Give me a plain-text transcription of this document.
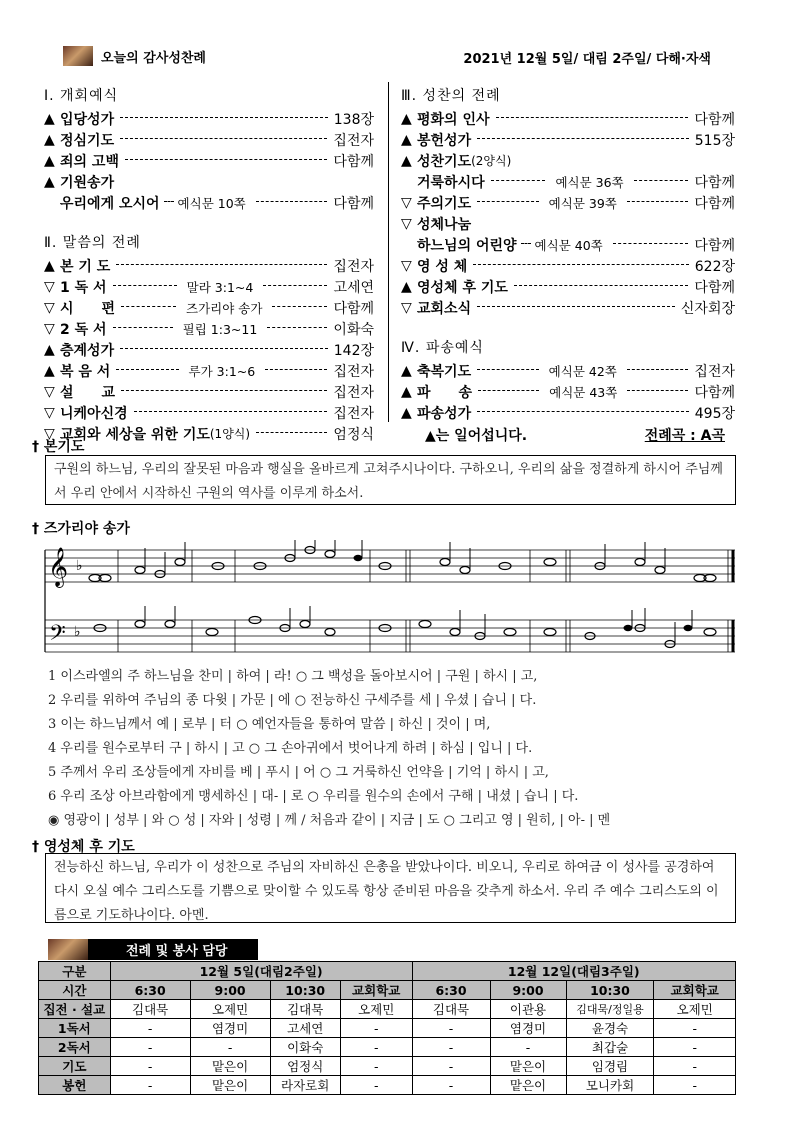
오늘의 감사성찬례	2021년 12월 5일/ 대림 2주일/ 다해·자색
Ⅰ. 개회예식
▲ 입당성가	138장
▲ 정심기도	집전자
▲ 죄의 고백	다함께
▲ 기원송가
우리에게 오시어	예식문 10쪽	다함께
Ⅱ. 말씀의 전례
▲ 본 기 도	집전자
▽ 1 독 서	말라 3:1~4	고세연
▽ 시　　편	즈가리야 송가	다함께
▽ 2 독 서	필립 1:3~11	이화숙
▲ 층계성가	142장
▲ 복 음 서	루가 3:1~6	집전자
▽ 설　　교	집전자
▽ 니케아신경	집전자
▽ 교회와 세상을 위한 기도 (1양식)	엄정식
Ⅲ. 성찬의 전례
▲ 평화의 인사	다함께
▲ 봉헌성가	515장
▲ 성찬기도 (2양식)
거룩하시다	예식문 36쪽	다함께
▽ 주의기도	예식문 39쪽	다함께
▽ 성체나눔
하느님의 어린양	예식문 40쪽	다함께
▽ 영 성 체	622장
▲ 영성체 후 기도	다함께
▽ 교회소식	신자회장
Ⅳ. 파송예식
▲ 축복기도	예식문 42쪽	집전자
▲ 파　　송	예식문 43쪽	다함께
▲ 파송성가	495장
▲는 일어섭니다.	전례곡 : A곡
† 본기도
구원의 하느님, 우리의 잘못된 마음과 행실을 올바르게 고쳐주시나이다. 구하오니, 우리의 삶을 정결하게 하시어 주님께서 우리 안에서 시작하신 구원의 역사를 이루게 하소서.
† 즈가리야 송가
𝄞 ♭
𝄢 ♭
1 이스라엘의 주 하느님을 찬미 | 하여 | 라! ○ 그 백성을 돌아보시어 | 구원 | 하시 | 고,
2 우리를 위하여 주님의 종 다윗 | 가문 | 에 ○ 전능하신 구세주를 세 | 우셨 | 습니 | 다.
3 이는 하느님께서 예 | 로부 | 터 ○ 예언자들을 통하여 말씀 | 하신 | 것이 | 며,
4 우리를 원수로부터 구 | 하시 | 고 ○ 그 손아귀에서 벗어나게 하려 | 하심 | 입니 | 다.
5 주께서 우리 조상들에게 자비를 베 | 푸시 | 어 ○ 그 거룩하신 언약을 | 기억 | 하시 | 고,
6 우리 조상 아브라함에게 맹세하신 | 대- | 로 ○ 우리를 원수의 손에서 구해 | 내셨 | 습니 | 다.
◉ 영광이 | 성부 | 와 ○ 성 | 자와 | 성령 | 께 / 처음과 같이 | 지금 | 도 ○ 그리고 영 | 원히, | 아- | 멘
† 영성체 후 기도
전능하신 하느님, 우리가 이 성찬으로 주님의 자비하신 은총을 받았나이다. 비오니, 우리로 하여금 이 성사를 공경하여 다시 오실 예수 그리스도를 기쁨으로 맞이할 수 있도록 항상 준비된 마음을 갖추게 하소서. 우리 주 예수 그리스도의 이름으로 기도하나이다. 아멘.
전례 및 봉사 담당
구분	12월 5일(대림2주일)				12월 12일(대림3주일)			
시간	6:30	9:00	10:30	교회학교	6:30	9:00	10:30	교회학교
집전 · 설교	김대묵	오제민	김대묵	오제민	김대묵	이관용	김대묵/정일용	오제민
1독서	-	염경미	고세연	-	-	염경미	윤경숙	-
2독서	-	-	이화숙	-	-	-	최갑술	-
기도	-	맡은이	엄정식	-	-	맡은이	임경림	-
봉헌	-	맡은이	라자로회	-	-	맡은이	모니카회	-
